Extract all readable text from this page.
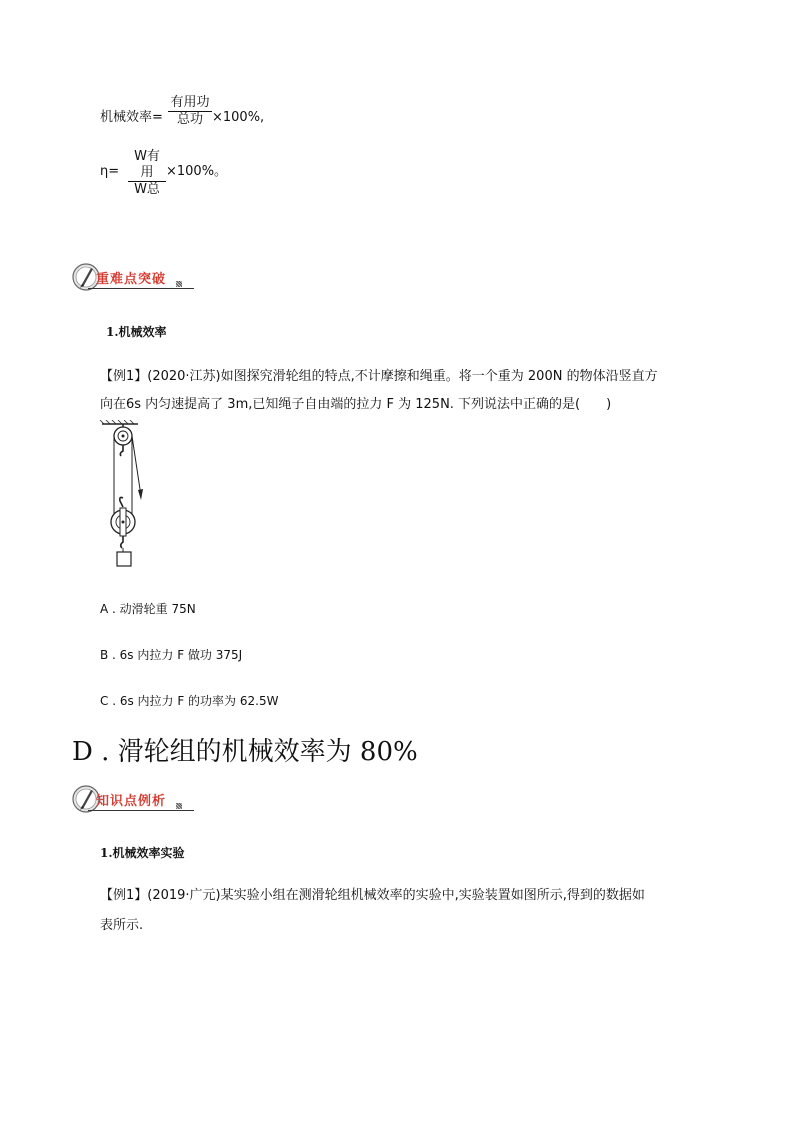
机械效率=
有用功
总功 ×100%,
η=
W有用
W总
×100%。
重难点突破
1.机械效率
【例1】(2020·江苏)如图探究滑轮组的特点,不计摩擦和绳重。将一个重为 200N 的物体沿竖直方
向在6s 内匀速提高了 3m,已知绳子自由端的拉力 F 为 125N. 下列说法中正确的是(　　)
A . 动滑轮重 75N
B . 6s 内拉力 F 做功 375J
C . 6s 内拉力 F 的功率为 62.5W
D . 滑轮组的机械效率为 80%
知识点例析
1.机械效率实验
【例1】(2019·广元)某实验小组在测滑轮组机械效率的实验中,实验装置如图所示,得到的数据如
表所示.
